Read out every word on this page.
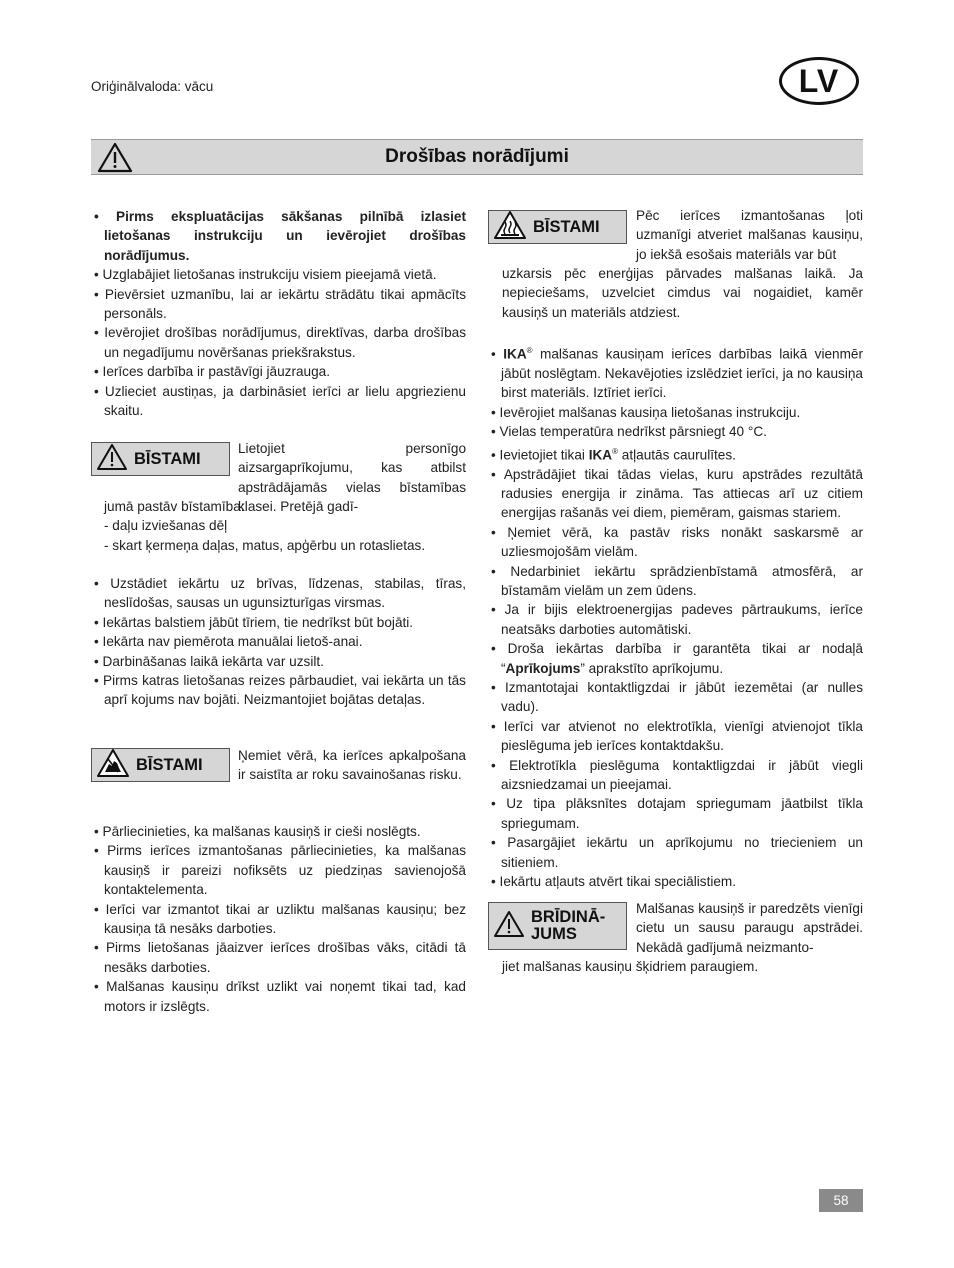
Oriģinālvaloda: vācu	LV
Drošības norādījumi

• Pirms ekspluatācijas sākšanas pilnībā izlasiet lietošanas instrukciju un ievērojiet drošības norādījumus.

• Uzglabājiet lietošanas instrukciju visiem pieejamā vietā.

• Pievērsiet uzmanību, lai ar iekārtu strādātu tikai apmācīts personāls.

• Ievērojiet drošības norādījumus, direktīvas, darba drošības un negadījumu novēršanas priekšrakstus.

• Ierīces darbība ir pastāvīgi jāuzrauga.

• Uzlieciet austiņas, ja darbināsiet ierīci ar lielu apgriezienu skaitu.

BĪSTAMI
Lietojiet personīgo aizsargaprīkojumu, kas atbilst apstrādājamās vielas bīstamības klasei. Pretējā gadī-

jumā pastāv bīstamība:

- daļu izviešanas dēļ

- skart ķermeņa daļas, matus, apģērbu un rotaslietas.

• Uzstādiet iekārtu uz brīvas, līdzenas, stabilas, tīras, neslīdošas, sausas un ugunsizturīgas virsmas.

• Iekārtas balstiem jābūt tīriem, tie nedrīkst būt bojāti.

• Iekārta nav piemērota manuālai lietoš-anai.

• Darbināšanas laikā iekārta var uzsilt.

• Pirms katras lietošanas reizes pārbaudiet, vai iekārta un tās aprī kojums nav bojāti. Neizmantojiet bojātas detaļas.

BĪSTAMI	Ņemiet vērā, ka ierīces apkalpošana ir saistīta ar roku savainošanas risku.

• Pārliecinieties, ka malšanas kausiņš ir cieši noslēgts.

• Pirms ierīces izmantošanas pārliecinieties, ka malšanas kausiņš ir pareizi nofiksēts uz piedziņas savienojošā kontaktelementa.

• Ierīci var izmantot tikai ar uzliktu malšanas kausiņu; bez kausiņa tā nesāks darboties.

• Pirms lietošanas jāaizver ierīces drošības vāks, citādi tā nesāks darboties.

• Malšanas kausiņu drīkst uzlikt vai noņemt tikai tad, kad motors ir izslēgts.

BĪSTAMI
Pēc ierīces izmantošanas ļoti uzmanīgi atveriet malšanas kausiņu, jo iekšā esošais materiāls var būt
uzkarsis pēc enerģijas pārvades malšanas laikā. Ja nepieciešams, uzvelciet cimdus vai nogaidiet, kamēr kausiņš un materiāls atdziest.

• IKA® malšanas kausiņam ierīces darbības laikā vienmēr jābūt noslēgtam. Nekavējoties izslēdziet ierīci, ja no kausiņa birst materiāls. Iztīriet ierīci.

• Ievērojiet malšanas kausiņa lietošanas instrukciju.

• Vielas temperatūra nedrīkst pārsniegt 40 °C.

• Ievietojiet tikai IKA® atļautās caurulītes.

• Apstrādājiet tikai tādas vielas, kuru apstrādes rezultātā radusies energija ir zināma. Tas attiecas arī uz citiem energijas rašanās vei diem, piemēram, gaismas stariem.

• Ņemiet vērā, ka pastāv risks nonākt saskarsmē ar uzliesmojošām vielām.

• Nedarbiniet iekārtu sprādzienbīstamā atmosfērā, ar bīstamām vielām un zem ūdens.

• Ja ir bijis elektroenergijas padeves pārtraukums, ierīce neatsāks darboties automātiski.

• Droša iekārtas darbība ir garantēta tikai ar nodaļā “Aprīkojums” aprakstīto aprīkojumu.

• Izmantotajai kontaktligzdai ir jābūt iezemētai (ar nulles vadu).

• Ierīci var atvienot no elektrotīkla, vienīgi atvienojot tīkla pieslēguma jeb ierīces kontaktdakšu.

• Elektrotīkla pieslēguma kontaktligzdai ir jābūt viegli aizsniedzamai un pieejamai.

• Uz tipa plāksnītes dotajam spriegumam jāatbilst tīkla spriegumam.

• Pasargājiet iekārtu un aprīkojumu no triecieniem un sitieniem.

• Iekārtu atļauts atvērt tikai speciālistiem.

BRĪDINĀ-
JUMS
Malšanas kausiņš ir paredzēts vienīgi cietu un sausu paraugu apstrādei. Nekādā gadījumā neizmanto-
jiet malšanas kausiņu šķidriem paraugiem.
58
